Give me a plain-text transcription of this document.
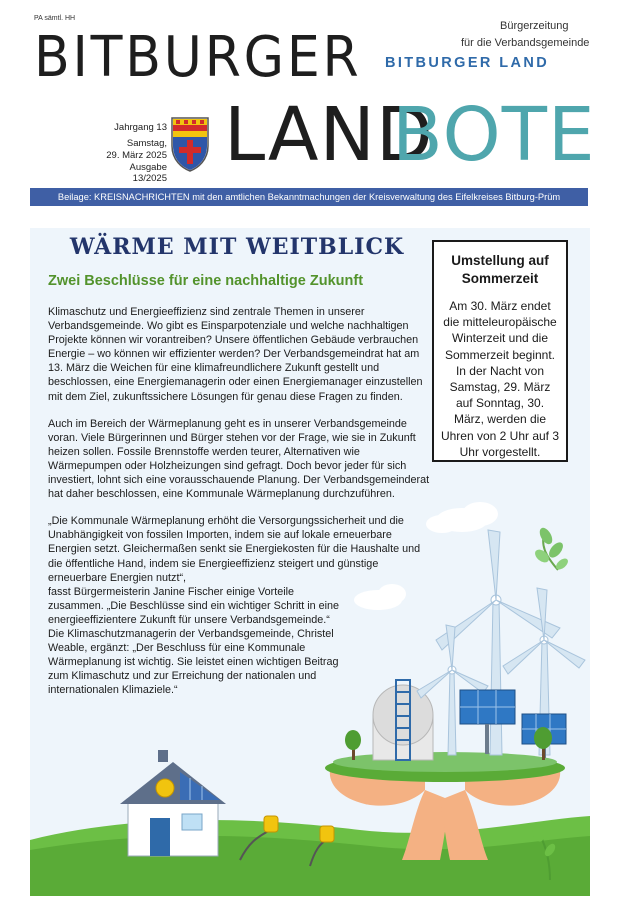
PA sämtl. HH
BITBURGER	Bürgerzeitung
für die Verbandsgemeinde
BITBURGER LAND
Jahrgang 13
Samstag,
29. März 2025
Ausgabe 13/2025
LAND
BOTE
Beilage: KREISNACHRICHTEN mit den amtlichen Bekanntmachungen der Kreisverwaltung des Eifelkreises Bitburg-Prüm
WÄRME MIT WEITBLICK
Zwei Beschlüsse für eine nachhaltige Zukunft

Klimaschutz und Energieeffizienz sind zentrale Themen in unserer Verbandsgemeinde. Wo gibt es Einsparpotenziale und welche nachhaltigen Projekte können wir vorantreiben? Unsere öffentlichen Gebäude verbrauchen Energie – wo können wir effizienter werden? Der Verbandsgemeindrat hat am 13. März die Weichen für eine klimafreundlichere Zukunft gestellt und beschlossen, eine Energiemanagerin oder einen Energiemanager einzustellen mit dem Ziel, zukunftssichere Lösungen für genau diese Fragen zu finden.

Auch im Bereich der Wärmeplanung geht es in unserer Verbandsgemeinde voran. Viele Bürgerinnen und Bürger stehen vor der Frage, wie sie in Zukunft heizen sollen. Fossile Brennstoffe werden teurer, Alternativen wie Wärmepumpen oder Holzheizungen sind gefragt. Doch bevor jeder für sich investiert, lohnt sich eine vorausschauende Planung. Der Verbandsgemeinderat hat daher beschlossen, eine Kommunale Wärmeplanung durchzuführen.

„Die Kommunale Wärmeplanung erhöht die Versorgungssicherheit und die Unabhängigkeit von fossilen Importen, indem sie auf lokale erneuerbare Energien setzt. Gleichermaßen senkt sie Energiekosten für die Haushalte und die öffentliche Hand, indem sie Energieeffizienz steigert und günstige erneuerbare Energien nutzt“,

fasst Bürgermeisterin Janine Fischer einige Vorteile zusammen. „Die Beschlüsse sind ein wichtiger Schritt in eine energieeffizientere Zukunft für unsere Verbandsgemeinde.“

Die Klimaschutzmanagerin der Verbandsgemeinde, Christel Weable, ergänzt: „Der Beschluss für eine Kommunale Wärmeplanung ist wichtig. Sie leistet einen wichtigen Beitrag zum Klimaschutz und zur Erreichung der nationalen und internationalen Klimaziele.“

Umstellung auf Sommerzeit
Am 30. März endet die mitteleuropäische Winterzeit und die Sommerzeit beginnt. In der Nacht von Samstag, 29. März auf Sonntag, 30. März, werden die Uhren von 2 Uhr auf 3 Uhr vorgestellt.
